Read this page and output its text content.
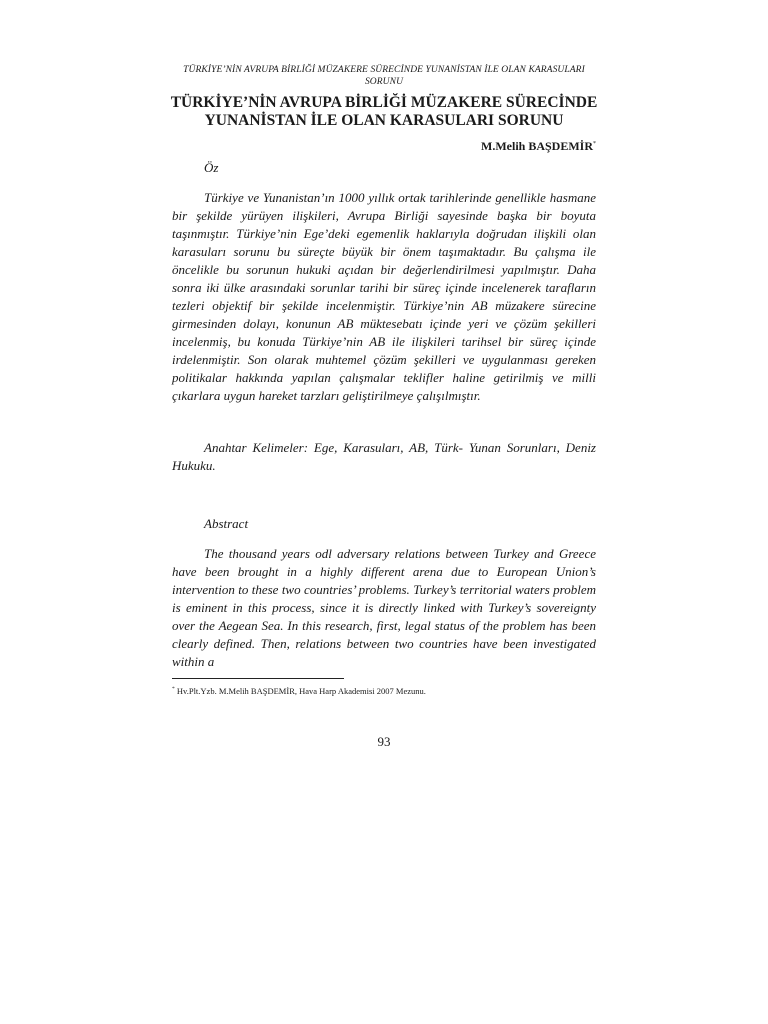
TÜRKİYE’NİN AVRUPA BİRLİĞİ MÜZAKERE SÜRECİNDE YUNANİSTAN İLE OLAN KARASULARI SORUNU
TÜRKİYE’NİN AVRUPA BİRLİĞİ MÜZAKERE SÜRECİNDE YUNANİSTAN İLE OLAN KARASULARI SORUNU
M.Melih BAŞDEMİR*
Öz

Türkiye ve Yunanistan’ın 1000 yıllık ortak tarihlerinde genellikle hasmane bir şekilde yürüyen ilişkileri, Avrupa Birliği sayesinde başka bir boyuta taşınmıştır. Türkiye’nin Ege’deki egemenlik haklarıyla doğrudan ilişkili olan karasuları sorunu bu süreçte büyük bir önem taşımaktadır. Bu çalışma ile öncelikle bu sorunun hukuki açıdan bir değerlendirilmesi yapılmıştır. Daha sonra iki ülke arasındaki sorunlar tarihi bir süreç içinde incelenerek tarafların tezleri objektif bir şekilde incelenmiştir. Türkiye’nin AB müzakere sürecine girmesinden dolayı, konunun AB müktesebatı içinde yeri ve çözüm şekilleri incelenmiş, bu konuda Türkiye’nin AB ile ilişkileri tarihsel bir süreç içinde irdelenmiştir. Son olarak muhtemel çözüm şekilleri ve uygulanması gereken politikalar hakkında yapılan çalışmalar teklifler haline getirilmiş ve milli çıkarlara uygun hareket tarzları geliştirilmeye çalışılmıştır.

Anahtar Kelimeler: Ege, Karasuları, AB, Türk- Yunan Sorunları, Deniz Hukuku.

Abstract

The thousand years odl adversary relations between Turkey and Greece have been brought in a highly different arena due to European Union’s intervention to these two countries’ problems. Turkey’s territorial waters problem is eminent in this process, since it is directly linked with Turkey’s sovereignty over the Aegean Sea. In this research, first, legal status of the problem has been clearly defined. Then, relations between two countries have been investigated within a

* Hv.Plt.Yzb. M.Melih BAŞDEMİR, Hava Harp Akademisi 2007 Mezunu.
93
